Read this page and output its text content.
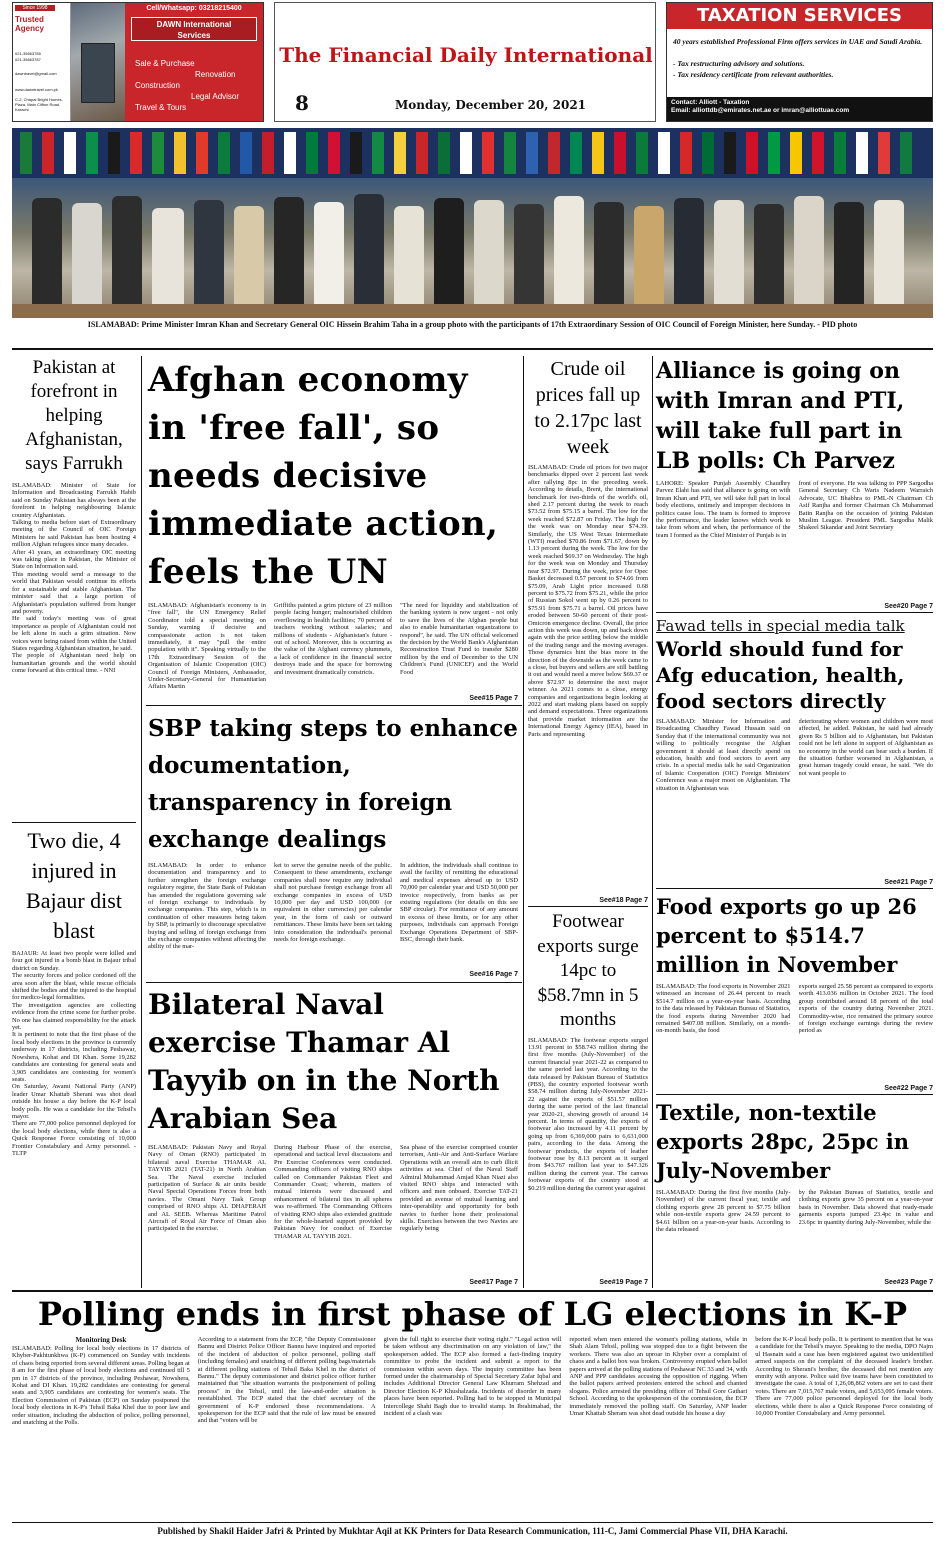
Since 1998
Trusted Agency
021-35663785
021-35663787
dawntravel@gmail.com
www.dawntravel.com.pk
C-2, Chapal Bright Homes, Plaza, Main Clifton Road, Karachi
Cell/Whatsapp: 03218215400
DAWN International Services
Sale & Purchase
Renovation
Construction
Legal Advisor
Travel & Tours
The Financial Daily International
8	Monday, December 20, 2021
TAXATION SERVICES
40 years established Professional Firm offers services in UAE and Saudi Arabia.
- Tax restructuring advisory and solutions.
- Tax residency certificate from relevant authorities.
Contact: Alliott - Taxation
Email: alliottdb@emirates.net.ae or imran@alliottuae.com
ISLAMABAD: Prime Minister Imran Khan and Secretary General OIC Hissein Brahim Taha in a group photo with the participants of 17th Extraordinary Session of OIC Council of Foreign Minister, here Sunday. - PID photo
Pakistan at forefront in helping Afghanistan, says Farrukh

ISLAMABAD: Minister of State for Information and Broadcasting Farrukh Habib said on Sunday Pakistan has always been at the forefront in helping neighbouring Islamic country Afghanistan.

Talking to media before start of Extraordinary meeting of the Council of OIC Foreign Ministers he said Pakistan has been hosting 4 million Afghan refugees since many decades.

After 41 years, an extraordinary OIC meeting was taking place in Pakistan, the Minister of State on Information said.

This meeting would send a message to the world that Pakistan would continue its efforts for a sustainable and stable Afghanistan. The minister said that a large portion of Afghanistan's population suffered from hunger and poverty.

He said today's meeting was of great importance as people of Afghanistan could not be left alone in such a grim situation. Now voices were being raised from within the United States regarding Afghanistan situation, he said.

The people of Afghanistan need help on humanitarian grounds and the world should come forward at this critical time. - NNI

Two die, 4 injured in Bajaur dist blast

BAJAUR: At least two people were killed and four got injured in a bomb blast in Bajaur tribal district on Sunday.

The security forces and police cordoned off the area soon after the blast, while rescue officials shifted the bodies and the injured to the hospital for medico-legal formalities.

The investigation agencies are collecting evidence from the crime scene for further probe. No one has claimed responsibility for the attack yet.

It is pertinent to note that the first phase of the local body elections in the province is currently underway in 17 districts, including Peshawar, Nowshera, Kohat and DI Khan. Some 19,282 candidates are contesting for general seats and 3,905 candidates are contesting for women's seats.

On Saturday, Awami National Party (ANP) leader Umar Khattab Sherani was shot dead outside his house a day before the K-P local body polls. He was a candidate for the Tehsil's mayor.

There are 77,000 police personnel deployed for the local body elections, while there is also a Quick Response Force consisting of 10,000 Frontier Constabulary and Army personnel. - TLTP

Afghan economy in 'free fall', so needs decisive immediate action, feels the UN
ISLAMABAD: Afghanistan's economy is in "free fall", the UN Emergency Relief Coordinator told a special meeting on Sunday, warning if decisive and compassionate action is not taken immediately, it may "pull the entire population with it". Speaking virtually to the 17th Extraordinary Session of the Organisation of Islamic Cooperation (OIC) Council of Foreign Ministers, Ambassador, Under-Secretary-General for Humanitarian Affairs Martin
Griffiths painted a grim picture of 23 million people facing hunger; malnourished children overflowing in health facilities; 70 percent of teachers working without salaries; and millions of students - Afghanistan's future - out of school. Moreover, this is occurring as the value of the Afghani currency plummets, a lack of confidence in the financial sector destroys trade and the space for borrowing and investment dramatically constricts.
"The need for liquidity and stabilization of the banking system is now urgent - not only to save the lives of the Afghan people but also to enable humanitarian organizations to respond", he said. The UN official welcomed the decision by the World Bank's Afghanistan Reconstruction Trust Fund to transfer $280 million by the end of December to the UN Children's Fund (UNICEF) and the World Food
See#15 Page 7
SBP taking steps to enhance documentation, transparency in foreign exchange dealings
ISLAMABAD: In order to enhance documentation and transparency and to further strengthen the foreign exchange regulatory regime, the State Bank of Pakistan has amended the regulations governing sale of foreign exchange to individuals by exchange companies. This step, which is in continuation of other measures being taken by SBP, is primarily to discourage speculative buying and selling of foreign exchange from the exchange companies without affecting the ability of the mar-
ket to serve the genuine needs of the public. Consequent to these amendments, exchange companies shall now require any individual shall not purchase foreign exchange from all exchange companies in excess of USD 10,000 per day and USD 100,000 (or equivalent in other currencies) per calendar year, in the form of cash or outward remittances. These limits have been set taking into consideration the individual's personal needs for foreign exchange.
In addition, the individuals shall continue to avail the facility of remitting the educational and medical expenses abroad up to USD 70,000 per calendar year and USD 50,000 per invoice respectively, from banks as per existing regulations (for details on this see SBP circular). For remittance of any amount in excess of these limits, or for any other purposes, individuals can approach Foreign Exchange Operations Department of SBP-BSC, through their bank.
See#16 Page 7
Bilateral Naval exercise Thamar Al Tayyib on in the North Arabian Sea
ISLAMABAD: Pakistan Navy and Royal Navy of Oman (RNO) participated in bilateral naval Exercise THAMAR AL TAYYIB 2021 (TAT-21) in North Arabian Sea. The Naval exercise included participation of Surface & air units beside Naval Special Operations Forces from both navies. The Omani Navy Task Group comprised of RNO ships AL DHAFERAH and AL SEEB. Whereas Maritime Patrol Aircraft of Royal Air Force of Oman also participated in the exercise.
During Harbour Phase of the exercise, operational and tactical level discussions and Pre Exercise Conferences were conducted. Commanding officers of visiting RNO ships called on Commander Pakistan Fleet and Commander Coast; wherein, matters of mutual interests were discussed and enhancement of bilateral ties in all spheres was re-affirmed. The Commanding Officers of visiting RNO ships also extended gratitude for the whole-hearted support provided by Pakistan Navy for conduct of Exercise THAMAR AL TAYYIB 2021.
Sea phase of the exercise comprised counter terrorism, Anti-Air and Anti-Surface Warfare Operations with an overall aim to curb illicit activities at sea. Chief of the Naval Staff Admiral Muhammad Amjad Khan Niazi also visited RNO ships and interacted with officers and men onboard. Exercise TAT-21 provided an avenue of mutual learning and inter-operability and opportunity for both navies to further hone their professional skills. Exercises between the two Navies are regularly being
See#17 Page 7
Crude oil prices fall up to 2.17pc last week
ISLAMABAD: Crude oil prices for two major benchmarks dipped over 2 percent last week after rallying 8pc in the preceding week. According to details, Brent, the international benchmark for two-thirds of the world's oil, shed 2.17 percent during the week to reach $73.52 from $75.15 a barrel. The low for the week reached $72.87 on Friday. The high for the week was on Monday near $74.39. Similarly, the US West Texas Intermediate (WTI) reached $70.86 from $71.67, down by 1.13 percent during the week. The low for the week reached $69.37 on Wednesday. The high for the week was on Monday and Thursday near $72.97. During the week, price for Opec Basket decreased 0.57 percent to $74.66 from $75.09, Arab Light price increased 0.68 percent to $75.72 from $75.21, while the price of Russian Sokol went up by 0.26 percent to $75.91 from $75.71 a barrel. Oil prices have eroded between 50-60 percent of their post-Omicron emergence decline. Overall, the price action this week was down, up and back down again with the price settling below the middle of the trading range and the moving averages. Those dynamics hint the bias more in the direction of the downside as the week came to a close, but buyers and sellers are still battling it out and would need a move below $69.37 or above $72.97 to determine the next major winner. As 2021 comes to a close, energy companies and organizations begin looking at 2022 and start making plans based on supply and demand expectations. Three organizations that provide market information are the International Energy Agency (IEA), based in Paris and representing
See#18 Page 7
Footwear exports surge 14pc to $58.7mn in 5 months
ISLAMABAD: The footwear exports surged 13.91 percent to $58.743 million during the first five months (July-November) of the current financial year 2021-22 as compared to the same period last year. According to the data released by Pakistan Bureau of Statistics (PBS), the country exported footwear worth $58.74 million during July-November 2021-22 against the exports of $51.57 million during the same period of the last financial year 2020-21, showing growth of around 14 percent. In terms of quantity, the exports of footwear also increased by 4.11 percent by going up from 6,369,000 pairs to 6,631,000 pairs, according to the data. Among the footwear products, the exports of leather footwear rose by 8.13 percent as it surged from $43.767 million last year to $47.326 million during the current year. The canvas footwear exports of the country stood at $0.219 million during the current year against
See#19 Page 7
Alliance is going on with Imran and PTI, will take full part in LB polls: Ch Parvez
LAHORE: Speaker Punjab Assembly Chaudhry Parvez Elahi has said that alliance is going on with Imran Khan and PTI, we will take full part in local body elections, untimely and improper decisions in politics cause loss. The team is formed to improve the performance, the leader knows which work to take from whom and when, the performance of the team I formed as the Chief Minister of Punjab is in
front of everyone. He was talking to PPP Sargodha General Secretary Ch Waris Nadeem Warraich Advocate, UC Bhabhra to PML-N Chairman Ch Asif Ranjha and former Chairman Ch Muhammad Batin Ranjha on the occasion of joining Pakistan Muslim League. President PML Sargodha Malik Shakeel Sikandar and Joint Secretary
See#20 Page 7
Fawad tells in special media talk
World should fund for Afg education, health, food sectors directly
ISLAMABAD: Minister for Information and Broadcasting Chaudhry Fawad Hussain said on Sunday that if the international community was not willing to politically recognise the Afghan government it should at least directly spend on education, health and food sectors to avert any crisis. In a special media talk he said Organization of Islamic Cooperation (OIC) Foreign Ministers' Conference was a major moot on Afghanistan. The situation in Afghanistan was
deteriorating where women and children were most affected, he added. Pakistan, he said had already given Rs 5 billion aid to Afghanistan, but Pakistan could not be left alone in support of Afghanistan as no economy in the world can bear such a burden. If the situation further worsened in Afghanistan, a great human tragedy could ensue, he said. "We do not want people to
See#21 Page 7
Food exports go up 26 percent to $514.7 million in November
ISLAMABAD: The food exports in November 2021 witnessed an increase of 26.44 percent to reach $514.7 million on a year-on-year basis. According to the data released by Pakistan Bureau of Statistics, the food exports during November 2020 had remained $407.08 million. Similarly, on a month-on-month basis, the food
exports surged 25.58 percent as compared to exports worth 413.036 million in October 2021. The food group contributed around 18 percent of the total exports of the country during November 2021. Commodity-wise, rice remained the primary source of foreign exchange earnings during the review period as
See#22 Page 7
Textile, non-textile exports 28pc, 25pc in July-November
ISLAMABAD: During the first five months (July-November) of the current fiscal year, textile and clothing exports grew 28 percent to $7.75 billion while non-textile exports grew 24.59 percent to $4.61 billion on a year-on-year basis. According to the data released
by the Pakistan Bureau of Statistics, textile and clothing exports grew 35 percent on a year-on-year basis in November. Data showed that ready-made garments exports jumped 23.4pc in value and 23.6pc in quantity during July-November, while the
See#23 Page 7
Polling ends in first phase of LG elections in K-P
Monitoring Desk
ISLAMABAD: Polling for local body elections in 17 districts of Khyber-Pakhtunkhwa (K-P) commenced on Sunday with incidents of chaos being reported from several different areas. Polling began at 8 am for the first phase of local body elections and continued till 5 pm in 17 districts of the province, including Peshawar, Nowshera, Kohat and DI Khan. 19,282 candidates are contesting for general seats and 3,905 candidates are contesting for women's seats. The Election Commission of Pakistan (ECP) on Sunday postponed the local body elections in K-P's Tehsil Baka Khel due to poor law and order situation, including the abduction of police, polling personnel, and snatching at the Polls.
According to a statement from the ECP, "the Deputy Commissioner Bannu and District Police Officer Bannu have inquired and reported of the incident of abduction of police personnel, polling staff (including females) and snatching of different polling bags/materials at different polling stations of Tehsil Baka Khel in the district of Bannu." The deputy commissioner and district police officer further maintained that "the situation warrants the postponement of polling process" in the Tehsil, until the law-and-order situation is reestablished. The ECP stated that the chief secretary of the government of K-P endorsed these recommendations. A spokesperson for the ECP said that the rule of law must be ensured and that "voters will be
given the full right to exercise their voting right." "Legal action will be taken without any discrimination on any violation of law," the spokesperson added. The ECP also formed a fact-finding inquiry committee to probe the incident and submit a report to the commission within seven days. The inquiry committee has been formed under the chairmanship of Special Secretary Zafar Iqbal and includes Additional Director General Law Khurram Shehzad and Director Election K-P Khushalzada. Incidents of disorder in many places have been reported. Polling had to be stopped in Municipal Intercollege Shahi Bagh due to invalid stamp. In Ibrahimabad, the incident of a clash was
reported when men entered the women's polling stations, while in Shah Alam Tehsil, polling was stopped due to a fight between the workers. There was also an uproar in Khyber over a complaint of chaos and a ballot box was broken. Controversy erupted when ballot papers arrived at the polling stations of Peshawar NC 33 and 34, with ANP and PPP candidates accusing the opposition of rigging. When the ballot papers arrived protesters entered the school and chanted slogans. Police arrested the presiding officer of Tehsil Gore Gathari School. According to the spokesperson of the commission, the ECP immediately removed the polling staff. On Saturday, ANP leader Umar Khattab Sheram was shot dead outside his house a day
before the K-P local body polls. It is pertinent to mention that he was a candidate for the Tehsil's mayor. Speaking to the media, DPO Najm ul Hasnain said a case has been registered against two unidentified armed suspects on the complaint of the deceased leader's brother. According to Sherani's brother, the deceased did not mention any enmity with anyone. Police said five teams have been constituted to investigate the case. A total of 1,26,08,862 voters are set to cast their votes. There are 7,015,767 male voters, and 5,653,095 female voters. There are 77,000 police personnel deployed for the local body elections, while there is also a Quick Response Force consisting of 10,000 Frontier Constabulary and Army personnel.
Published by Shakil Haider Jafri & Printed by Mukhtar Aqil at KK Printers for Data Research Communication, 111-C, Jami Commercial Phase VII, DHA Karachi.
